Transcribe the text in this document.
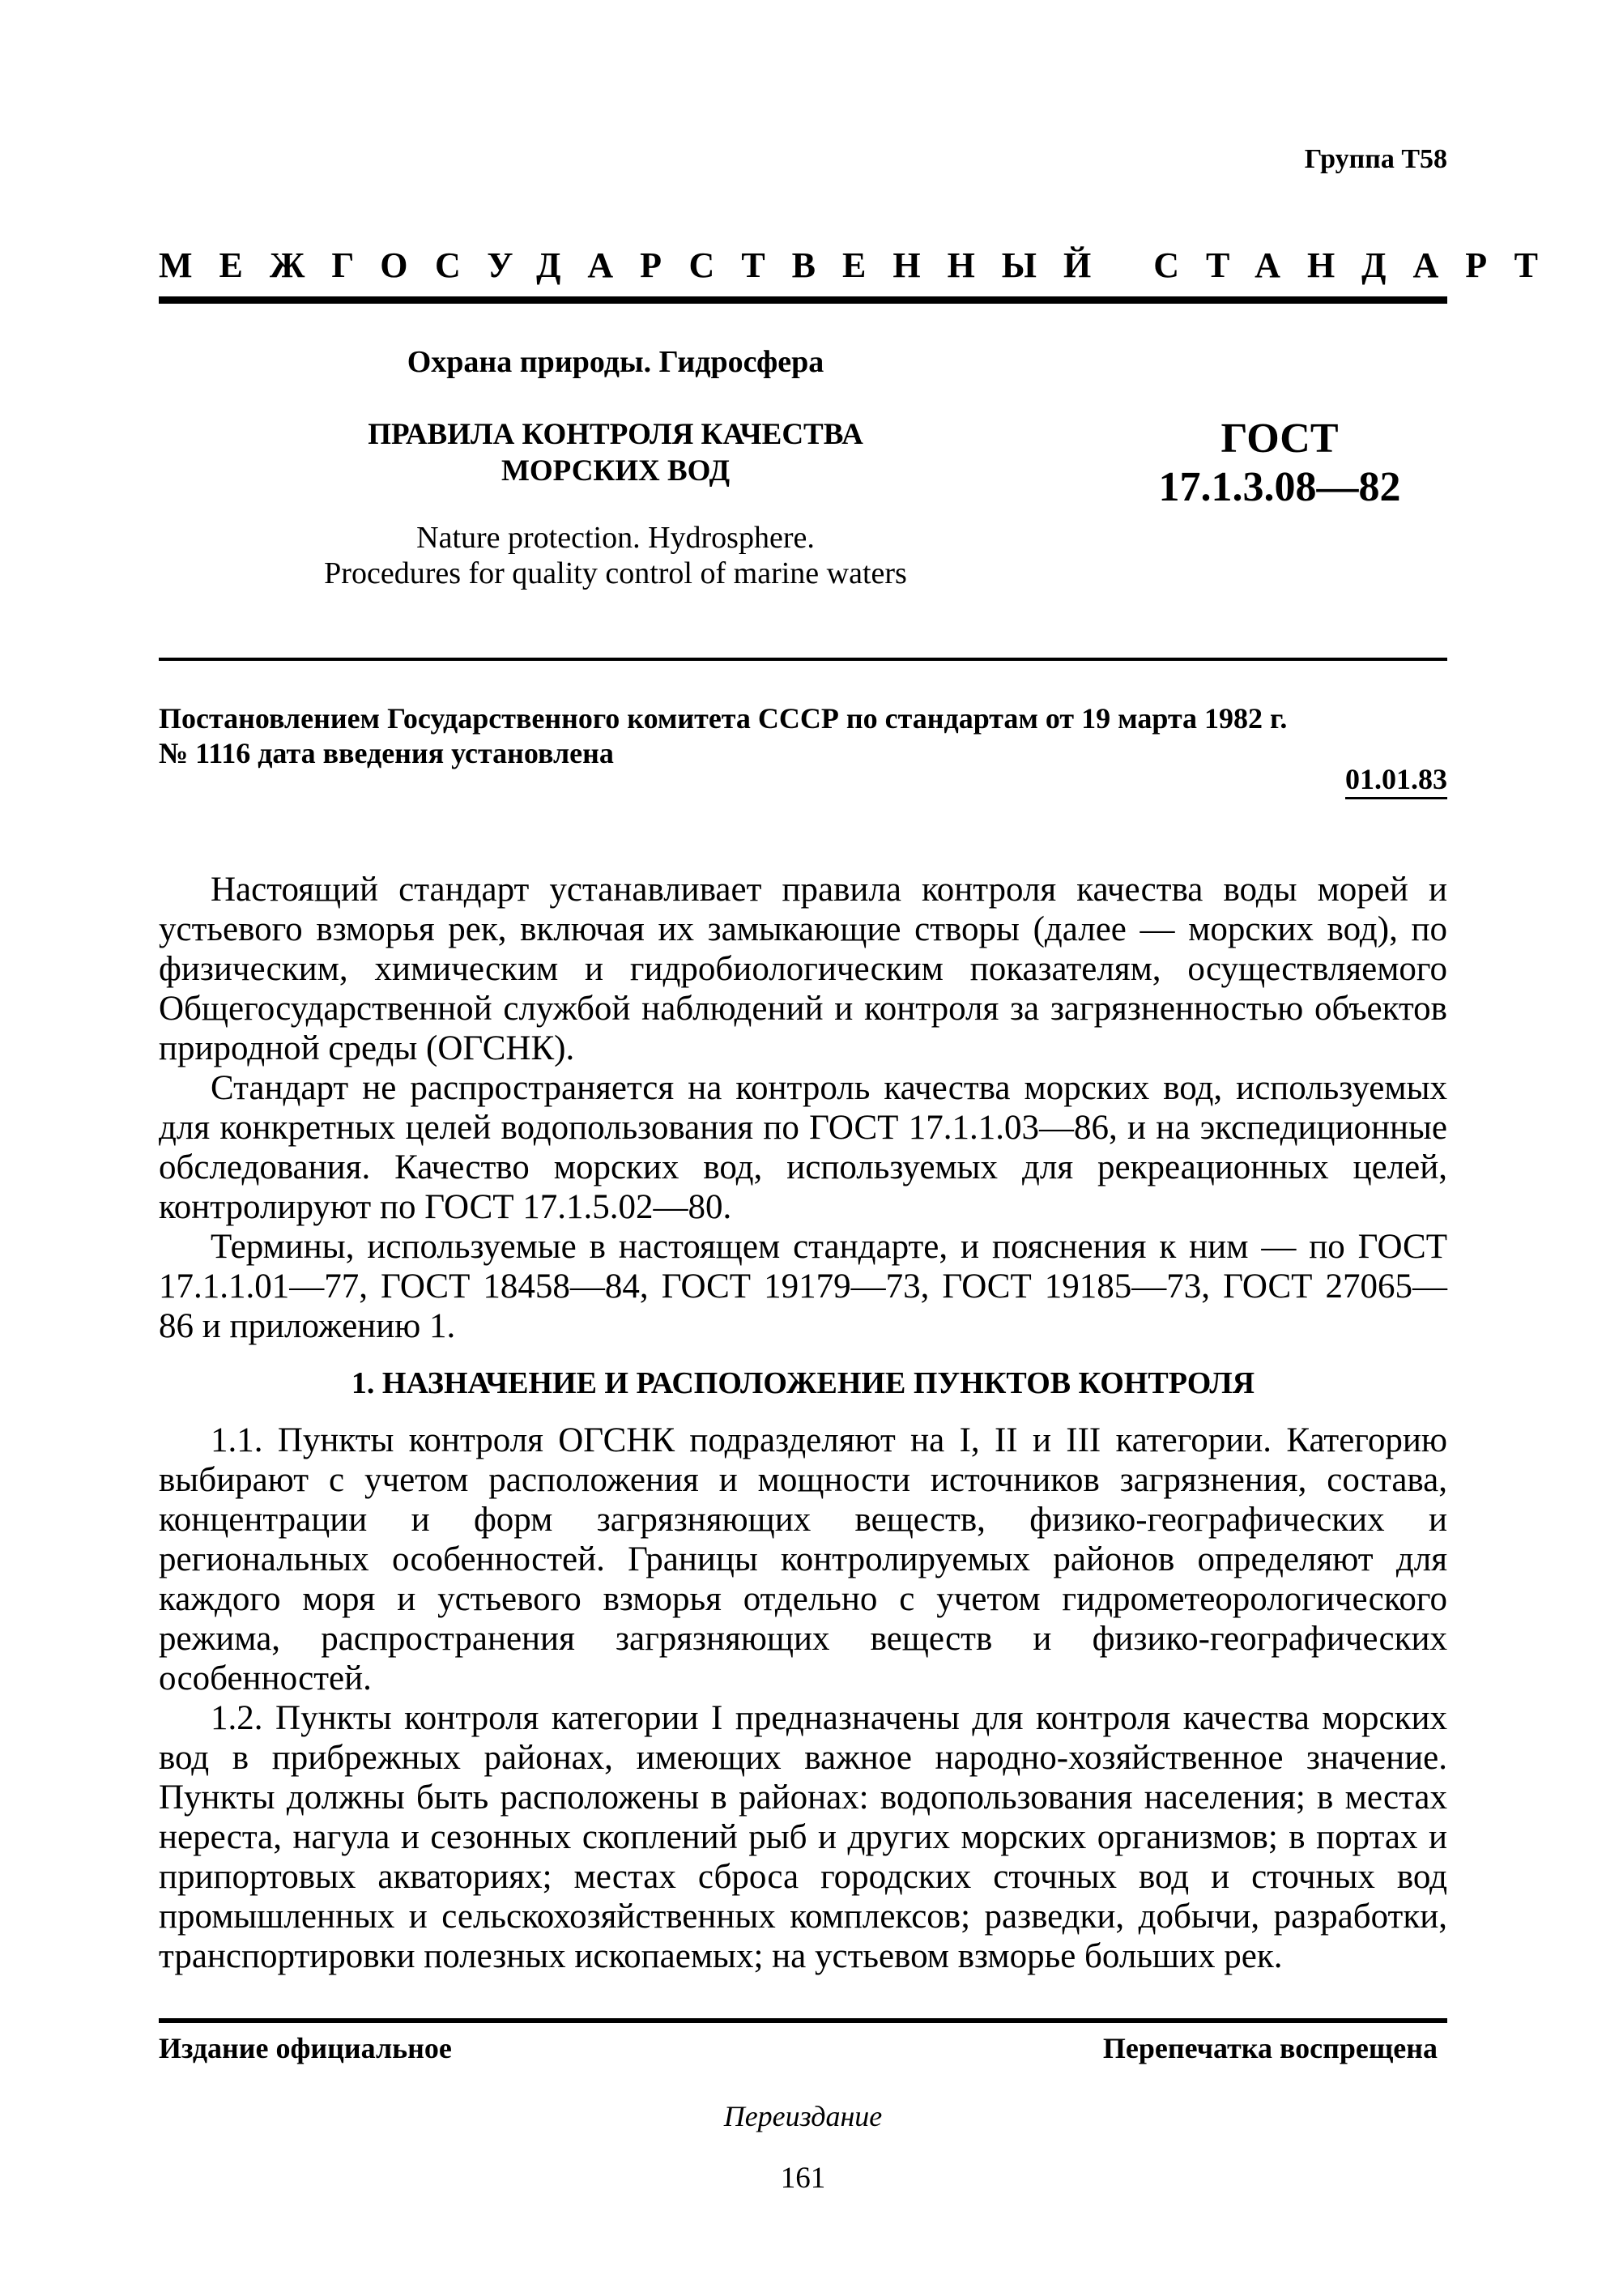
Группа Т58
МЕЖГОСУДАРСТВЕННЫЙ СТАНДАРТ
Охрана природы. Гидросфера
ПРАВИЛА КОНТРОЛЯ КАЧЕСТВА
МОРСКИХ ВОД
ГОСТ
17.1.3.08—82
Nature protection. Hydrosphere.
Procedures for quality control of marine waters
Постановлением Государственного комитета СССР по стандартам от 19 марта 1982 г.
№ 1116 дата введения установлена
01.01.83

Настоящий стандарт устанавливает правила контроля качества воды морей и устьевого взморья рек, включая их замыкающие створы (далее — морских вод), по физическим, химическим и гидробиологическим показателям, осуществляемого Общегосударственной службой наблюдений и контроля за загрязненностью объектов природной среды (ОГСНК).

Стандарт не распространяется на контроль качества морских вод, используемых для конкретных целей водопользования по ГОСТ 17.1.1.03—86, и на экспедиционные обследования. Качество морских вод, используемых для рекреационных целей, контролируют по ГОСТ 17.1.5.02—80.

Термины, используемые в настоящем стандарте, и пояснения к ним — по ГОСТ 17.1.1.01—77, ГОСТ 18458—84, ГОСТ 19179—73, ГОСТ 19185—73, ГОСТ 27065—86 и приложению 1.

1. НАЗНАЧЕНИЕ И РАСПОЛОЖЕНИЕ ПУНКТОВ КОНТРОЛЯ

1.1. Пункты контроля ОГСНК подразделяют на I, II и III категории. Категорию выбирают с учетом расположения и мощности источников загрязнения, состава, концентрации и форм загрязняющих веществ, физико-географических и региональных особенностей. Границы контролируемых районов определяют для каждого моря и устьевого взморья отдельно с учетом гидрометеорологического режима, распространения загрязняющих веществ и физико-географических особенностей.

1.2. Пункты контроля категории I предназначены для контроля качества морских вод в прибрежных районах, имеющих важное народно-хозяйственное значение. Пункты должны быть расположены в районах: водопользования населения; в местах нереста, нагула и сезонных скоплений рыб и других морских организмов; в портах и припортовых акваториях; местах сброса городских сточных вод и сточных вод промышленных и сельскохозяйственных комплексов; разведки, добычи, разработки, транспортировки полезных ископаемых; на устьевом взморье больших рек.

Издание официальное	Перепечатка воспрещена
Переиздание
161
